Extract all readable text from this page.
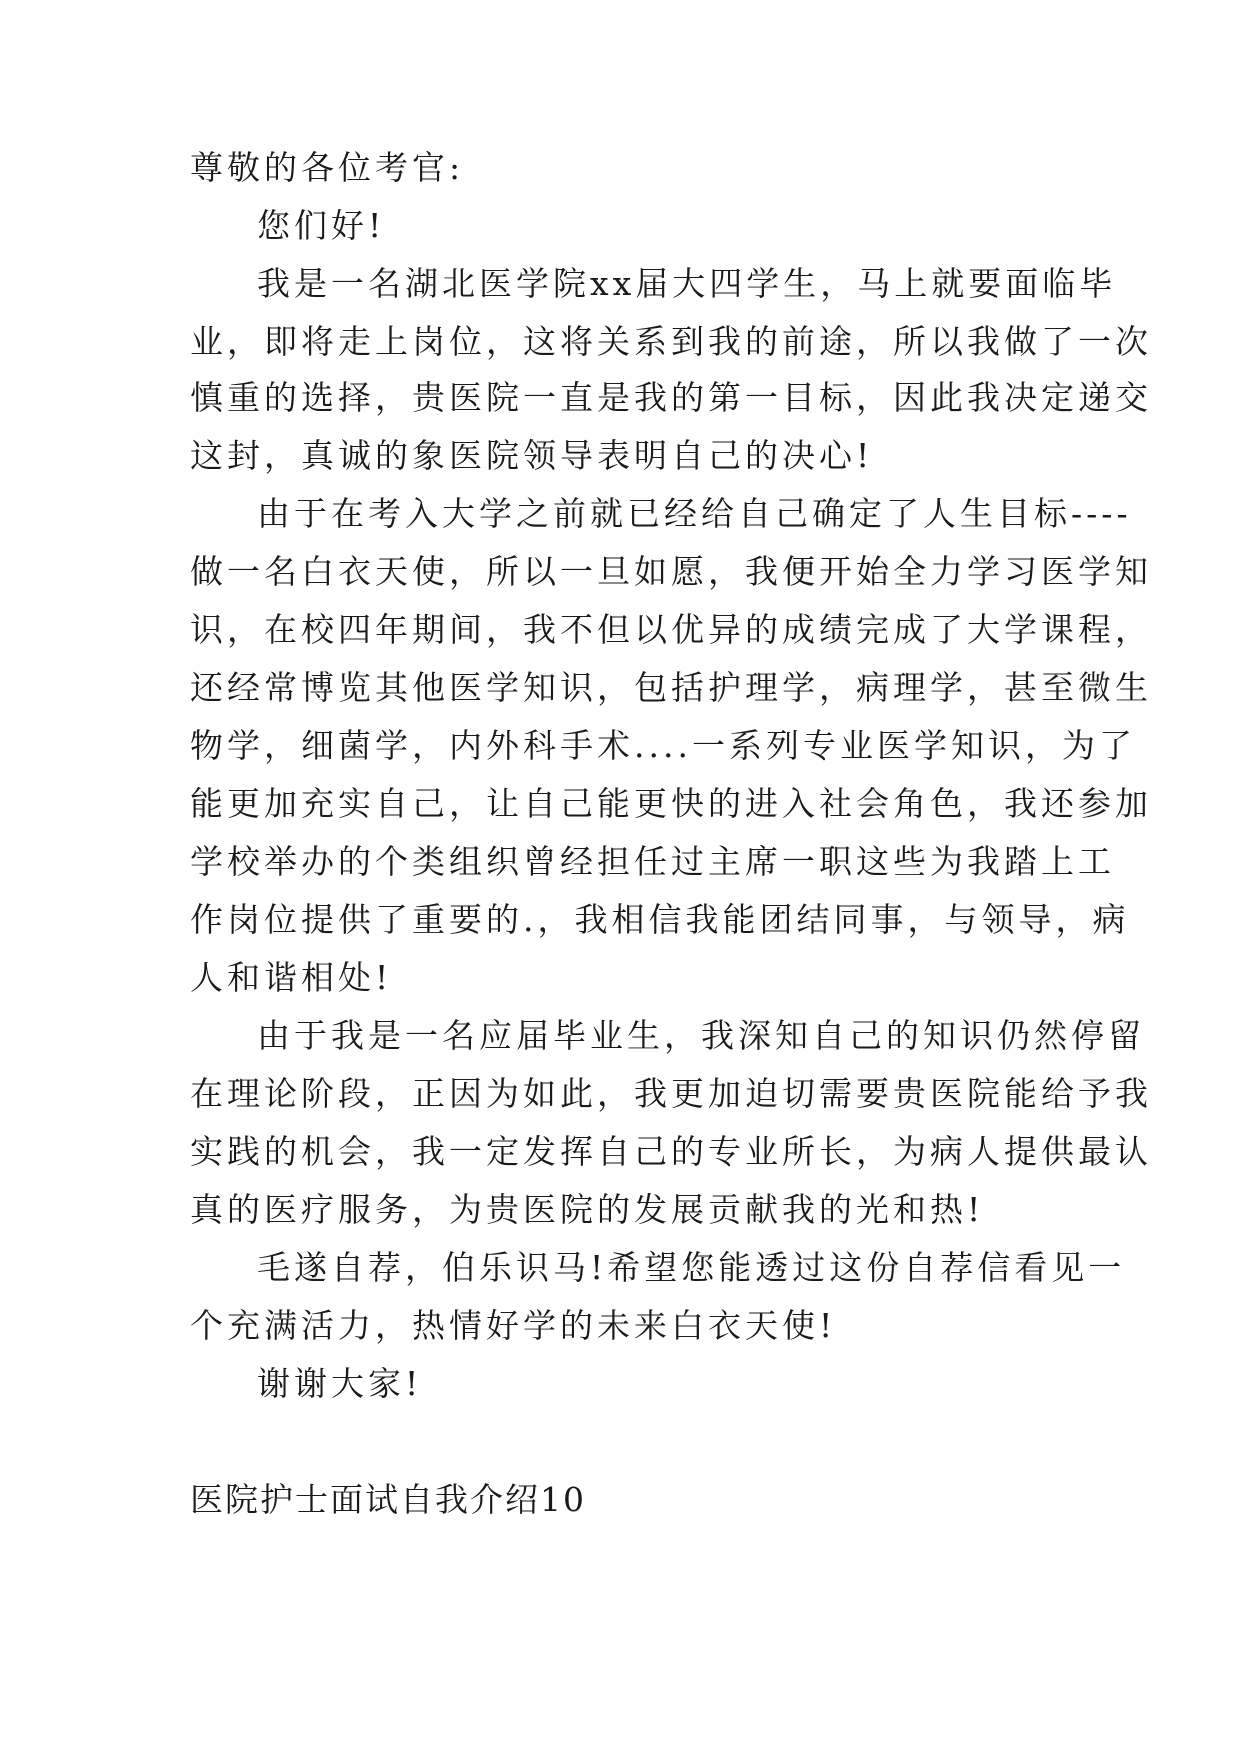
尊敬的各位考官:
您们好!
我是一名湖北医学院xx届大四学生，马上就要面临毕
业，即将走上岗位，这将关系到我的前途，所以我做了一次
慎重的选择，贵医院一直是我的第一目标，因此我决定递交
这封，真诚的象医院领导表明自己的决心!
由于在考入大学之前就已经给自己确定了人生目标----
做一名白衣天使，所以一旦如愿，我便开始全力学习医学知
识，在校四年期间，我不但以优异的成绩完成了大学课程，
还经常博览其他医学知识，包括护理学，病理学，甚至微生
物学，细菌学，内外科手术....一系列专业医学知识，为了
能更加充实自己，让自己能更快的进入社会角色，我还参加
学校举办的个类组织曾经担任过主席一职这些为我踏上工
作岗位提供了重要的.，我相信我能团结同事，与领导，病
人和谐相处!
由于我是一名应届毕业生，我深知自己的知识仍然停留
在理论阶段，正因为如此，我更加迫切需要贵医院能给予我
实践的机会，我一定发挥自己的专业所长，为病人提供最认
真的医疗服务，为贵医院的发展贡献我的光和热!
毛遂自荐，伯乐识马!希望您能透过这份自荐信看见一
个充满活力，热情好学的未来白衣天使!
谢谢大家!
医院护士面试自我介绍10
